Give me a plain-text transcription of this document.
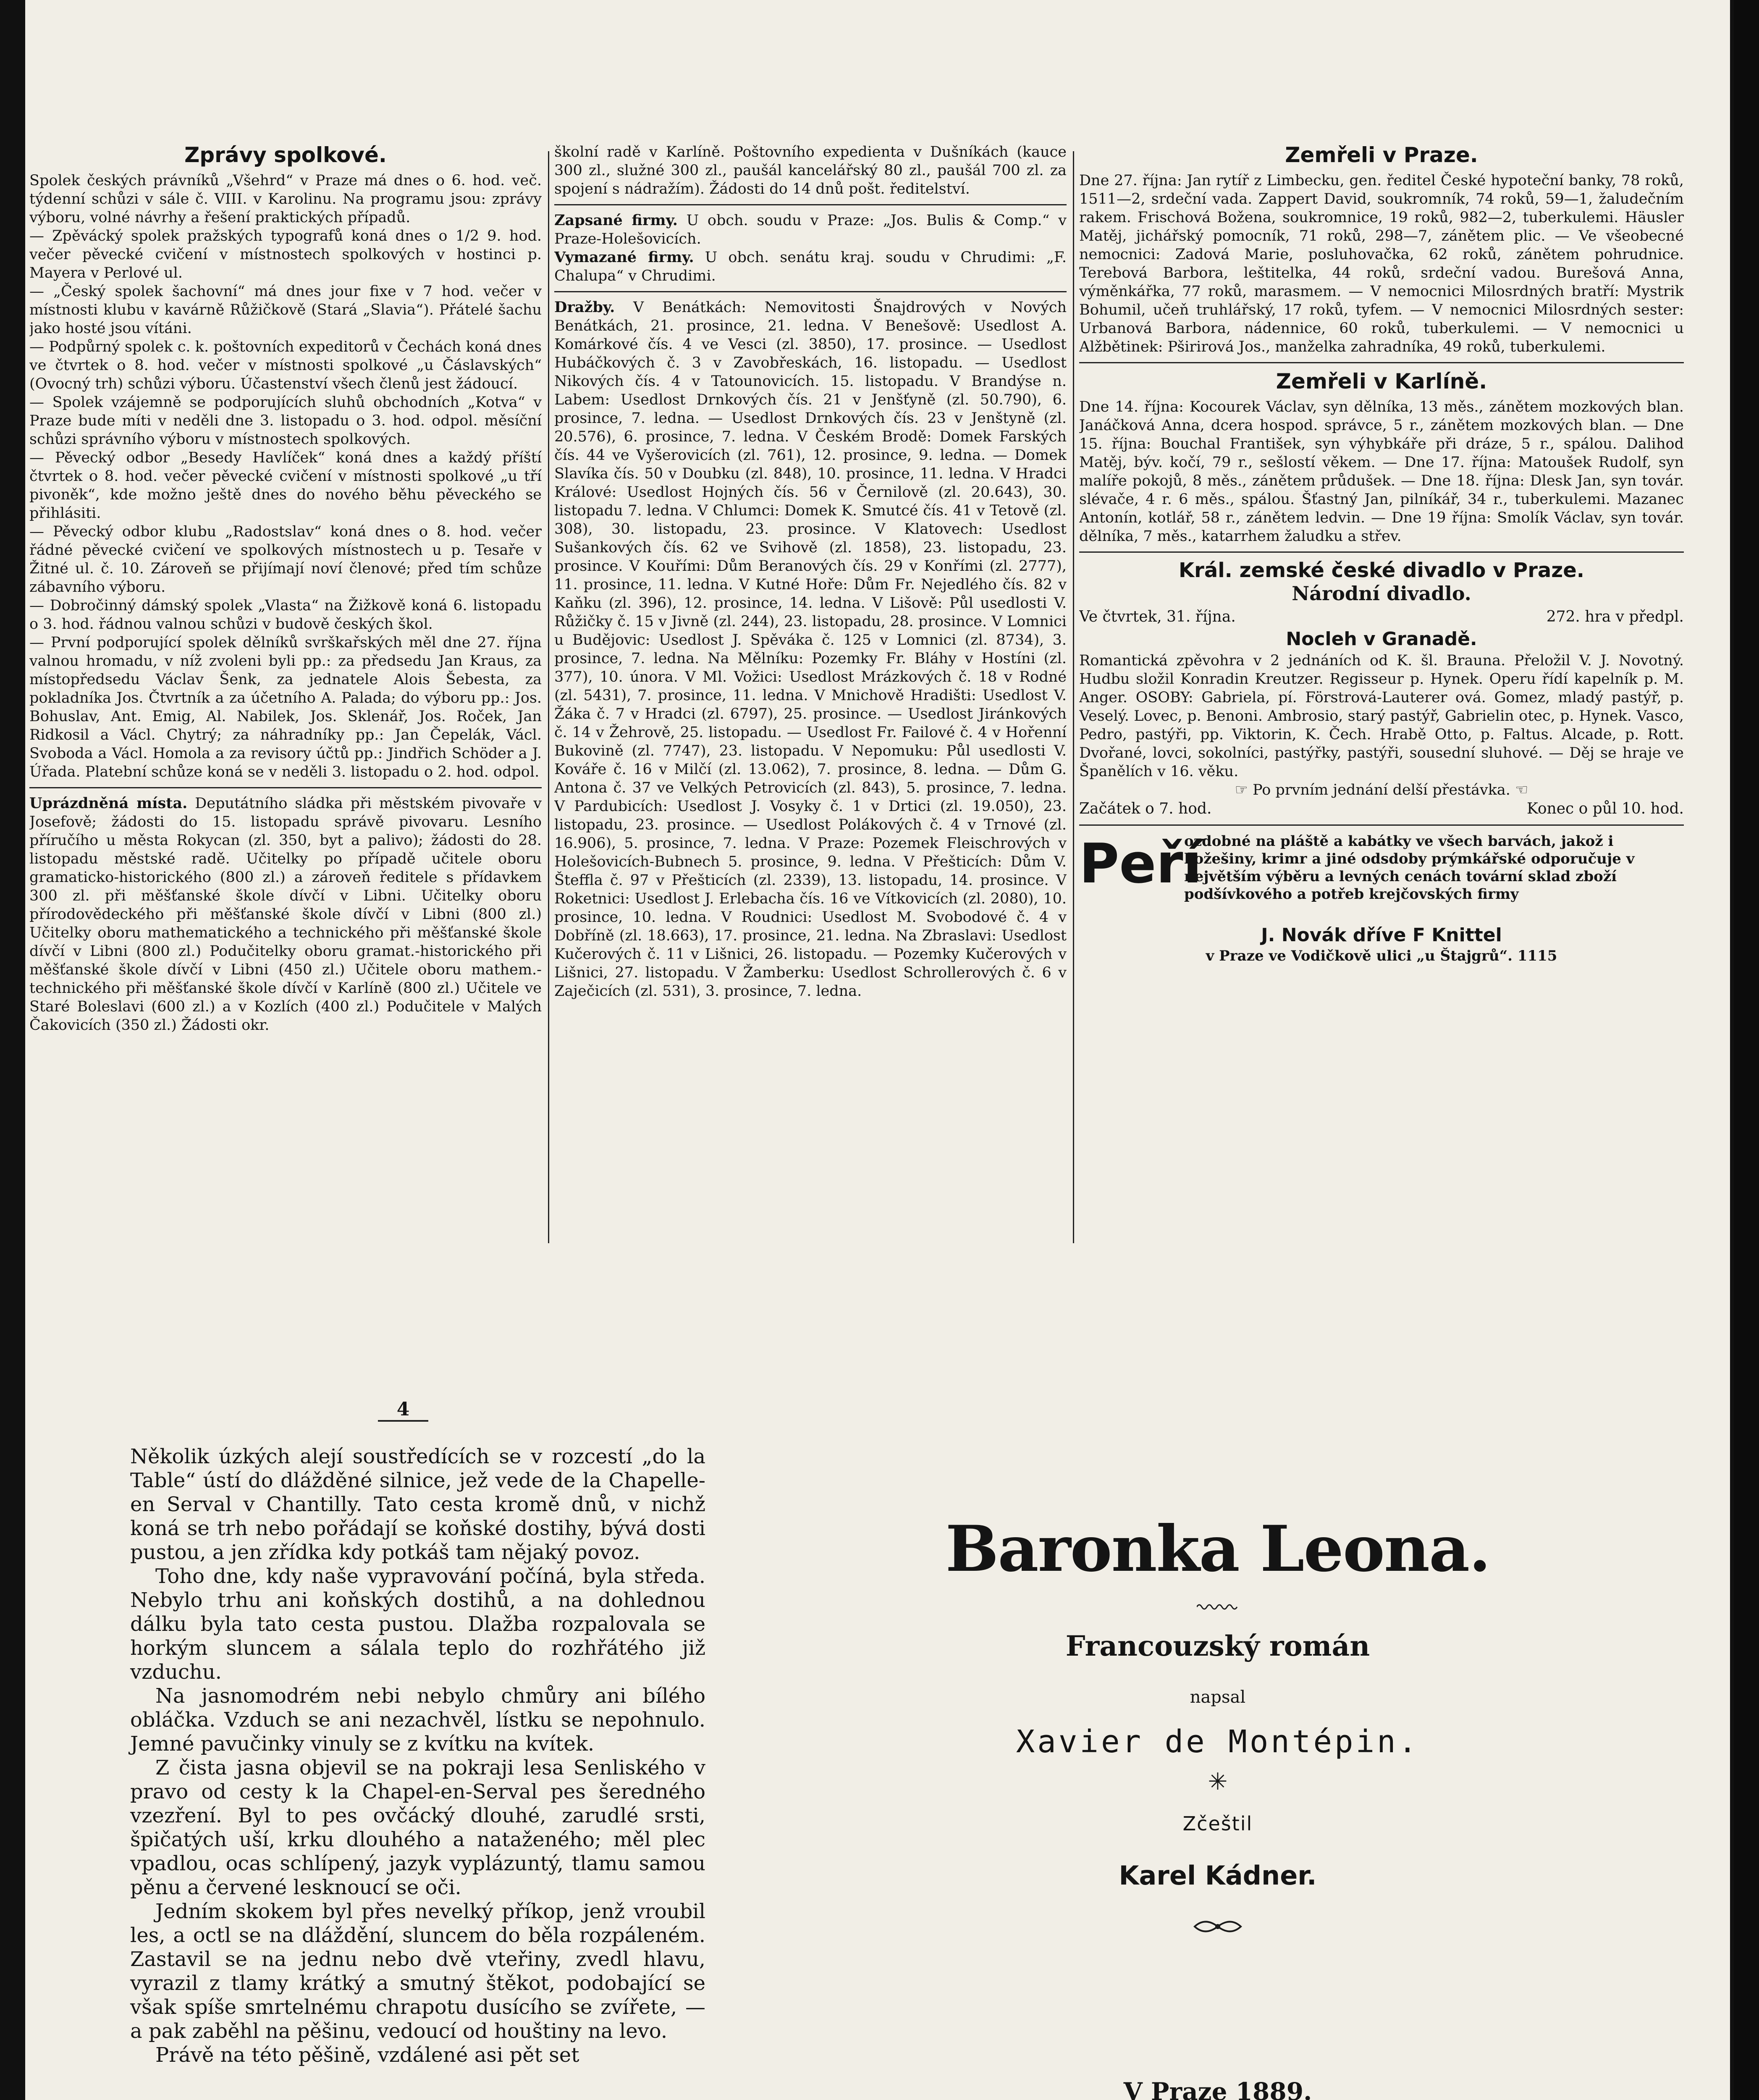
Zprávy spolkové.

Spolek českých právníků „Všehrd“ v Praze má dnes o 6. hod. več. týdenní schůzi v sále č. VIII. v Karolinu. Na programu jsou: zprávy výboru, volné návrhy a řešení praktických případů.

— Zpěvácký spolek pražských typografů koná dnes o 1/2 9. hod. večer pěvecké cvičení v místnostech spolkových v hostinci p. Mayera v Perlové ul.

— „Český spolek šachovní“ má dnes jour fixe v 7 hod. večer v místnosti klubu v kavárně Růžičkově (Stará „Slavia“). Přátelé šachu jako hosté jsou vítáni.

— Podpůrný spolek c. k. poštovních expeditorů v Čechách koná dnes ve čtvrtek o 8. hod. večer v místnosti spolkové „u Čáslavských“ (Ovocný trh) schůzi výboru. Účastenství všech členů jest žádoucí.

— Spolek vzájemně se podporujících sluhů obchodních „Kotva“ v Praze bude míti v neděli dne 3. listopadu o 3. hod. odpol. měsíční schůzi správního výboru v místnostech spolkových.

— Pěvecký odbor „Besedy Havlíček“ koná dnes a každý příští čtvrtek o 8. hod. večer pěvecké cvičení v místnosti spolkové „u tří pivoněk“, kde možno ještě dnes do nového běhu pěveckého se přihlásiti.

— Pěvecký odbor klubu „Radostslav“ koná dnes o 8. hod. večer řádné pěvecké cvičení ve spolkových místnostech u p. Tesaře v Žitné ul. č. 10. Zároveň se přijímají noví členové; před tím schůze zábavního výboru.

— Dobročinný dámský spolek „Vlasta“ na Žižkově koná 6. listopadu o 3. hod. řádnou valnou schůzi v budově českých škol.

— První podporující spolek dělníků svrškařských měl dne 27. října valnou hromadu, v níž zvoleni byli pp.: za předsedu Jan Kraus, za místopředsedu Václav Šenk, za jednatele Alois Šebesta, za pokladníka Jos. Čtvrtník a za účetního A. Palada; do výboru pp.: Jos. Bohuslav, Ant. Emig, Al. Nabilek, Jos. Sklenář, Jos. Roček, Jan Ridkosil a Václ. Chytrý; za náhradníky pp.: Jan Čepelák, Václ. Svoboda a Václ. Homola a za revisory účtů pp.: Jindřich Schöder a J. Úřada. Platební schůze koná se v neděli 3. listopadu o 2. hod. odpol.

Uprázdněná místa. Deputátního sládka při městském pivovaře v Josefově; žádosti do 15. listopadu správě pivovaru. Lesního příručího u města Rokycan (zl. 350, byt a palivo); žádosti do 28. listopadu městské radě. Učitelky po případě učitele oboru gramaticko-historického (800 zl.) a zároveň ředitele s přídavkem 300 zl. při měšťanské škole dívčí v Libni. Učitelky oboru přírodovědeckého při měšťanské škole dívčí v Libni (800 zl.) Učitelky oboru mathematického a technického při měšťanské škole dívčí v Libni (800 zl.) Podučitelky oboru gramat.-historického při měšťanské škole dívčí v Libni (450 zl.) Učitele oboru mathem.-technického při měšťanské škole dívčí v Karlíně (800 zl.) Učitele ve Staré Boleslavi (600 zl.) a v Kozlích (400 zl.) Podučitele v Malých Čakovicích (350 zl.) Žádosti okr.

školní radě v Karlíně. Poštovního expedienta v Dušníkách (kauce 300 zl., služné 300 zl., paušál kancelářský 80 zl., paušál 700 zl. za spojení s nádražím). Žádosti do 14 dnů pošt. ředitelství.

Zapsané firmy. U obch. soudu v Praze: „Jos. Bulis & Comp.“ v Praze-Holešovicích.

Vymazané firmy. U obch. senátu kraj. soudu v Chrudimi: „F. Chalupa“ v Chrudimi.

Dražby. V Benátkách: Nemovitosti Šnajdrových v Nových Benátkách, 21. prosince, 21. ledna. V Benešově: Usedlost A. Komárkové čís. 4 ve Vesci (zl. 3850), 17. prosince. — Usedlost Hubáčkových č. 3 v Zavobřeskách, 16. listopadu. — Usedlost Nikových čís. 4 v Tatounovicích. 15. listopadu. V Brandýse n. Labem: Usedlost Drnkových čís. 21 v Jenšťyně (zl. 50.790), 6. prosince, 7. ledna. — Usedlost Drnkových čís. 23 v Jenštyně (zl. 20.576), 6. prosince, 7. ledna. V Českém Brodě: Domek Farských čís. 44 ve Vyšerovicích (zl. 761), 12. prosince, 9. ledna. — Domek Slavíka čís. 50 v Doubku (zl. 848), 10. prosince, 11. ledna. V Hradci Králové: Usedlost Hojných čís. 56 v Černilově (zl. 20.643), 30. listopadu 7. ledna. V Chlumci: Domek K. Smutcé čís. 41 v Tetově (zl. 308), 30. listopadu, 23. prosince. V Klatovech: Usedlost Sušankových čís. 62 ve Svihově (zl. 1858), 23. listopadu, 23. prosince. V Kouřími: Dům Beranových čís. 29 v Konřími (zl. 2777), 11. prosince, 11. ledna. V Kutné Hoře: Dům Fr. Nejedlého čís. 82 v Kaňku (zl. 396), 12. prosince, 14. ledna. V Lišově: Půl usedlosti V. Růžičky č. 15 v Jivně (zl. 244), 23. listopadu, 28. prosince. V Lomnici u Budějovic: Usedlost J. Spěváka č. 125 v Lomnici (zl. 8734), 3. prosince, 7. ledna. Na Mělníku: Pozemky Fr. Bláhy v Hostíni (zl. 377), 10. února. V Ml. Vožici: Usedlost Mrázkových č. 18 v Rodné (zl. 5431), 7. prosince, 11. ledna. V Mnichově Hradišti: Usedlost V. Žáka č. 7 v Hradci (zl. 6797), 25. prosince. — Usedlost Jiránkových č. 14 v Žehrově, 25. listopadu. — Usedlost Fr. Failové č. 4 v Hořenní Bukovině (zl. 7747), 23. listopadu. V Nepomuku: Půl usedlosti V. Kováře č. 16 v Milčí (zl. 13.062), 7. prosince, 8. ledna. — Dům G. Antona č. 37 ve Velkých Petrovicích (zl. 843), 5. prosince, 7. ledna. V Pardubicích: Usedlost J. Vosyky č. 1 v Drtici (zl. 19.050), 23. listopadu, 23. prosince. — Usedlost Polákových č. 4 v Trnové (zl. 16.906), 5. prosince, 7. ledna. V Praze: Pozemek Fleischrových v Holešovicích-Bubnech 5. prosince, 9. ledna. V Přešticích: Dům V. Šteffla č. 97 v Přešticích (zl. 2339), 13. listopadu, 14. prosince. V Roketnici: Usedlost J. Erlebacha čís. 16 ve Vítkovicích (zl. 2080), 10. prosince, 10. ledna. V Roudnici: Usedlost M. Svobodové č. 4 v Dobříně (zl. 18.663), 17. prosince, 21. ledna. Na Zbraslavi: Usedlost Kučerových č. 11 v Lišnici, 26. listopadu. — Pozemky Kučerových v Lišnici, 27. listopadu. V Žamberku: Usedlost Schrollerových č. 6 v Zaječicích (zl. 531), 3. prosince, 7. ledna.

Zemřeli v Praze.

Dne 27. října: Jan rytíř z Limbecku, gen. ředitel České hypoteční banky, 78 roků, 1511—2, srdeční vada. Zappert David, soukromník, 74 roků, 59—1, žaludečním rakem. Frischová Božena, soukromnice, 19 roků, 982—2, tuberkulemi. Häusler Matěj, jichářský pomocník, 71 roků, 298—7, zánětem plic. — Ve všeobecné nemocnici: Zadová Marie, posluhovačka, 62 roků, zánětem pohrudnice. Terebová Barbora, leštitelka, 44 roků, srdeční vadou. Burešová Anna, výměnkářka, 77 roků, marasmem. — V nemocnici Milosrdných bratří: Mystrik Bohumil, učeň truhlářský, 17 roků, tyfem. — V nemocnici Milosrdných sester: Urbanová Barbora, nádennice, 60 roků, tuberkulemi. — V nemocnici u Alžbětinek: Pširirová Jos., manželka zahradníka, 49 roků, tuberkulemi.

Zemřeli v Karlíně.

Dne 14. října: Kocourek Václav, syn dělníka, 13 měs., zánětem mozkových blan. Janáčková Anna, dcera hospod. správce, 5 r., zánětem mozkových blan. — Dne 15. října: Bouchal František, syn výhybkáře při dráze, 5 r., spálou. Dalihod Matěj, býv. kočí, 79 r., sešlostí věkem. — Dne 17. října: Matoušek Rudolf, syn malíře pokojů, 8 měs., zánětem průdušek. — Dne 18. října: Dlesk Jan, syn továr. slévače, 4 r. 6 měs., spálou. Šťastný Jan, pilníkář, 34 r., tuberkulemi. Mazanec Antonín, kotlář, 58 r., zánětem ledvin. — Dne 19 října: Smolík Václav, syn továr. dělníka, 7 měs., katarrhem žaludku a střev.

Král. zemské české divadlo v Praze.
Národní divadlo.
Ve čtvrtek, 31. října.	272. hra v předpl.
Nocleh v Granadě.

Romantická zpěvohra v 2 jednáních od K. šl. Brauna. Přeložil V. J. Novotný. Hudbu složil Konradin Kreutzer. Regisseur p. Hynek. Operu řídí kapelník p. M. Anger. OSOBY: Gabriela, pí. Förstrová-Lauterer ová. Gomez, mladý pastýř, p. Veselý. Lovec, p. Benoni. Ambrosio, starý pastýř, Gabrielin otec, p. Hynek. Vasco, Pedro, pastýři, pp. Viktorin, K. Čech. Hrabě Otto, p. Faltus. Alcade, p. Rott. Dvořané, lovci, sokolníci, pastýřky, pastýři, sousední sluhové. — Děj se hraje ve Španělích v 16. věku.

☞ Po prvním jednání delší přestávka. ☜

Začátek o 7. hod.	Konec o půl 10. hod.
Peří
ozdobné na pláště a kabátky ve všech barvách, jakož i kožešiny, krimr a jiné odsdoby prýmkářské odporučuje v největším výběru a levných cenách tovární sklad zboží podšívkového a potřeb krejčovských firmy
J. Novák dříve F Knittel
v Praze ve Vodičkově ulici „u Štajgrů“. 1115
4

Několik úzkých alejí soustředících se v rozcestí „do la Table“ ústí do dlážděné silnice, jež vede de la Chapelle-en Serval v Chantilly. Tato cesta kromě dnů, v nichž koná se trh nebo pořádají se koňské dostihy, bývá dosti pustou, a jen zřídka kdy potkáš tam nějaký povoz.

Toho dne, kdy naše vypravování počíná, byla středa. Nebylo trhu ani koňských dostihů, a na dohlednou dálku byla tato cesta pustou. Dlažba rozpalovala se horkým sluncem a sálala teplo do rozhřátého již vzduchu.

Na jasnomodrém nebi nebylo chmůry ani bílého obláčka. Vzduch se ani nezachvěl, lístku se nepohnulo. Jemné pavučinky vinuly se z kvítku na kvítek.

Z čista jasna objevil se na pokraji lesa Senliského v pravo od cesty k la Chapel-en-Serval pes šeredného vzezření. Byl to pes ovčácký dlouhé, zarudlé srsti, špičatých uší, krku dlouhého a nataženého; měl plec vpadlou, ocas schlípený, jazyk vyplázuntý, tlamu samou pěnu a červené lesknoucí se oči.

Jedním skokem byl přes nevelký příkop, jenž vroubil les, a octl se na dláždění, sluncem do běla rozpáleném. Zastavil se na jednu nebo dvě vteřiny, zvedl hlavu, vyrazil z tlamy krátký a smutný štěkot, podobající se však spíše smrtelnému chrapotu dusícího se zvířete, — a pak zaběhl na pěšinu, vedoucí od houštiny na levo.

Právě na této pěšině, vzdálené asi pět set

Baronka Leona.
Francouzský román
napsal
Xavier de Montépin.
✳
Zčeštil
Karel Kádner.
V Praze 1889.
